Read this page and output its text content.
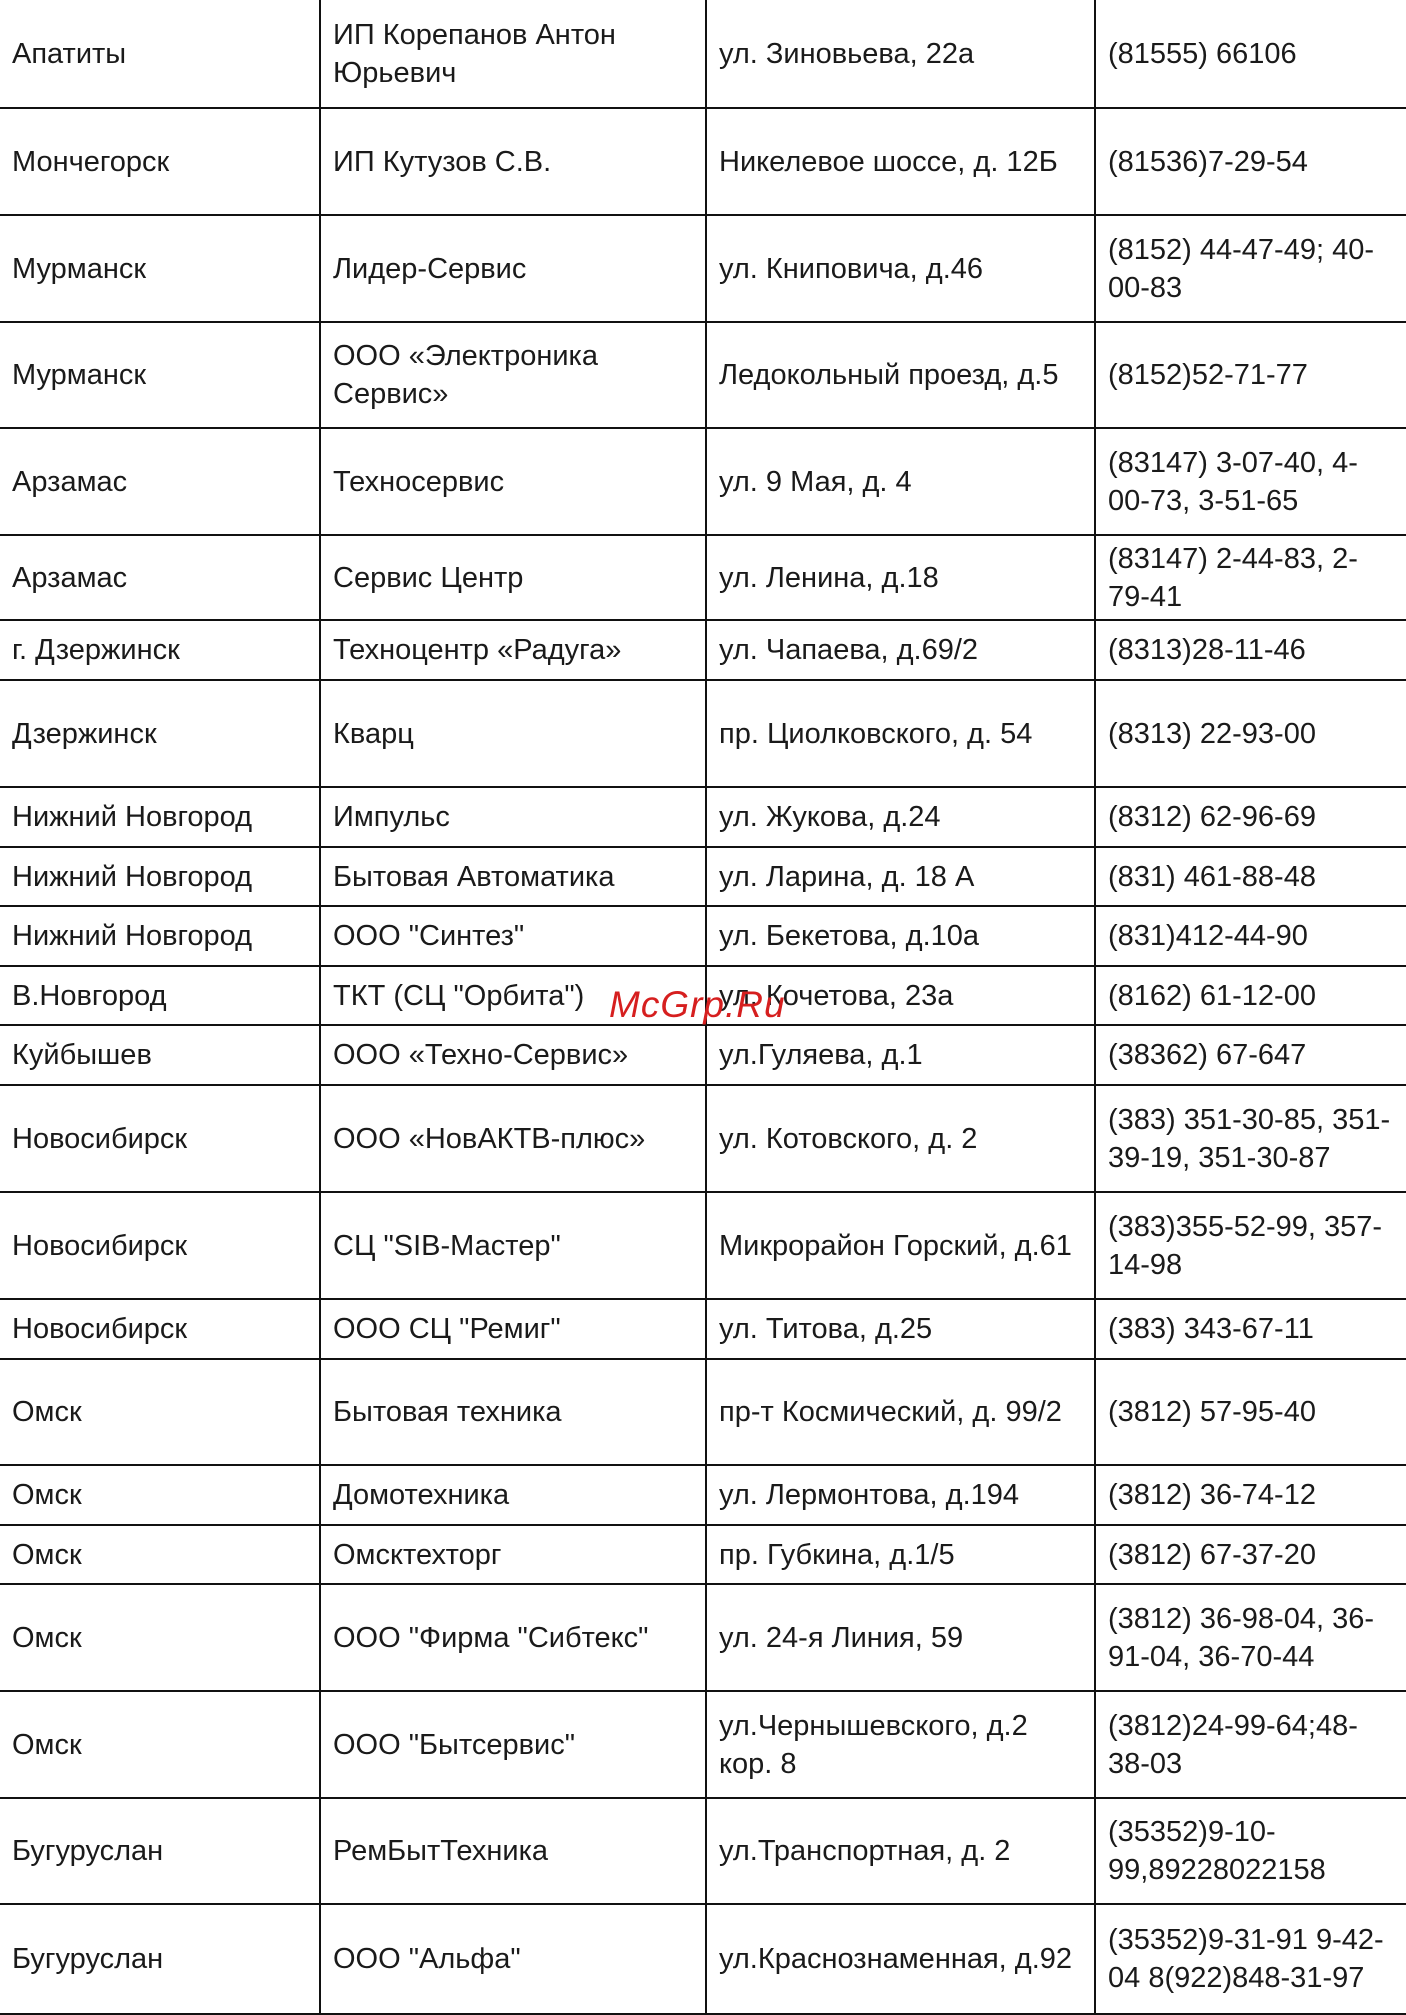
Апатиты	ИП Корепанов Антон Юрьевич	ул. Зиновьева, 22а	(81555) 66106
Мончегорск	ИП Кутузов С.В.	Никелевое шоссе, д. 12Б	(81536)7-29-54
Мурманск	Лидер-Сервис	ул. Книповича, д.46	(8152) 44-47-49; 40-00-83
Мурманск	ООО «Электроника Сервис»	Ледокольный проезд, д.5	(8152)52-71-77
Арзамас	Техносервис	ул. 9 Мая, д. 4	(83147) 3-07-40, 4-00-73, 3-51-65
Арзамас	Сервис Центр	ул. Ленина, д.18	(83147) 2-44-83, 2-79-41
г. Дзержинск	Техноцентр «Радуга»	ул. Чапаева, д.69/2	(8313)28-11-46
Дзержинск	Кварц	пр. Циолковского, д. 54	(8313) 22-93-00
Нижний Новгород	Импульс	ул. Жукова, д.24	(8312) 62-96-69
Нижний Новгород	Бытовая Автоматика	ул. Ларина, д. 18 А	(831) 461-88-48
Нижний Новгород	ООО "Синтез"	ул. Бекетова, д.10а	(831)412-44-90
В.Новгород	ТКТ (СЦ "Орбита")	ул. Кочетова, 23а	(8162) 61-12-00
Куйбышев	ООО «Техно-Сервис»	ул.Гуляева, д.1	(38362) 67-647
Новосибирск	ООО «НовАКТВ-плюс»	ул. Котовского, д. 2	(383) 351-30-85, 351-39-19, 351-30-87
Новосибирск	СЦ "SIB-Мастер"	Микрорайон Горский, д.61	(383)355-52-99, 357-14-98
Новосибирск	ООО СЦ "Ремиг"	ул. Титова, д.25	(383) 343-67-11
Омск	Бытовая техника	пр-т Космический, д. 99/2	(3812) 57-95-40
Омск	Домотехника	ул. Лермонтова, д.194	(3812) 36-74-12
Омск	Омсктехторг	пр. Губкина, д.1/5	(3812) 67-37-20
Омск	ООО "Фирма "Сибтекс"	ул. 24-я Линия, 59	(3812) 36-98-04, 36-91-04, 36-70-44
Омск	ООО "Бытсервис"	ул.Чернышевского, д.2 кор. 8	(3812)24-99-64;48-38-03
Бугуруслан	РемБытТехника	ул.Транспортная, д. 2	(35352)9-10-99,89228022158
Бугуруслан	ООО "Альфа"	ул.Краснознаменная, д.92	(35352)9-31-91 9-42-04 8(922)848-31-97
McGrp.Ru
